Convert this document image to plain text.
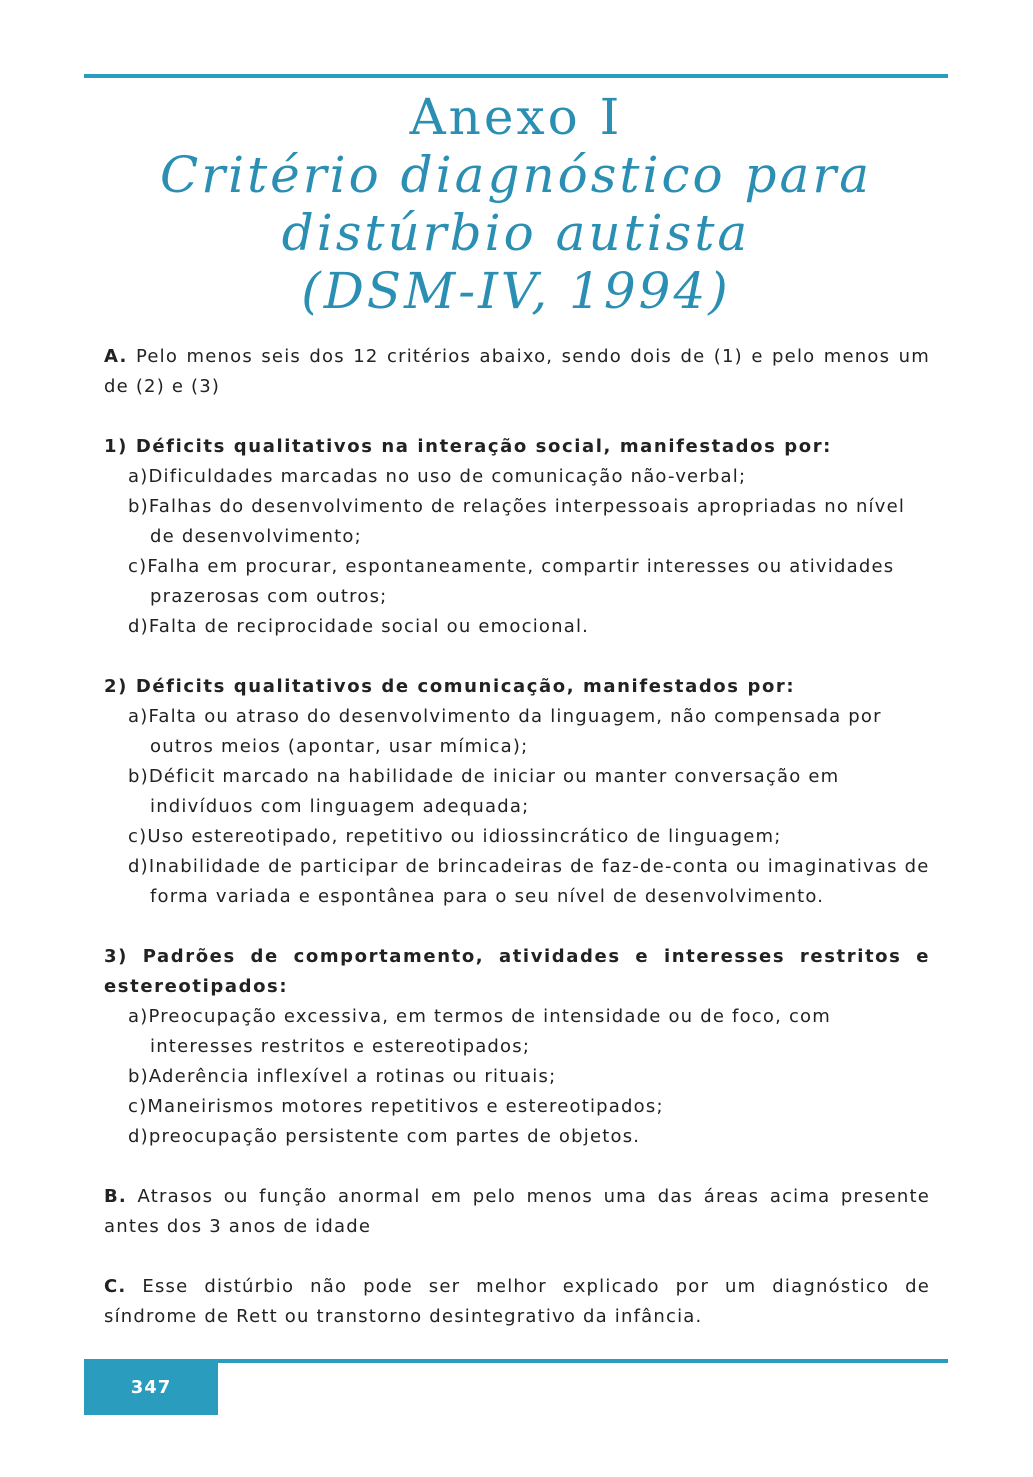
Anexo I
Critério diagnóstico para
distúrbio autista
(DSM-IV, 1994)

A. Pelo menos seis dos 12 critérios abaixo, sendo dois de (1) e pelo menos um de (2) e (3)

1) Déficits qualitativos na interação social, manifestados por:

a)Dificuldades marcadas no uso de comunicação não-verbal;

b)Falhas do desenvolvimento de relações interpessoais apropriadas no nível de desenvolvimento;

c)Falha em procurar, espontaneamente, compartir interesses ou atividades prazerosas com outros;

d)Falta de reciprocidade social ou emocional.

2) Déficits qualitativos de comunicação, manifestados por:

a)Falta ou atraso do desenvolvimento da linguagem, não compensada por outros meios (apontar, usar mímica);

b)Déficit marcado na habilidade de iniciar ou manter conversação em indivíduos com linguagem adequada;

c)Uso estereotipado, repetitivo ou idiossincrático de linguagem;

d)Inabilidade de participar de brincadeiras de faz-de-conta ou imaginativas de forma variada e espontânea para o seu nível de desenvolvimento.

3) Padrões de comportamento, atividades e interesses restritos e estereotipados:

a)Preocupação excessiva, em termos de intensidade ou de foco, com interesses restritos e estereotipados;

b)Aderência inflexível a rotinas ou rituais;

c)Maneirismos motores repetitivos e estereotipados;

d)preocupação persistente com partes de objetos.

B. Atrasos ou função anormal em pelo menos uma das áreas acima presente antes dos 3 anos de idade

C. Esse distúrbio não pode ser melhor explicado por um diagnóstico de síndrome de Rett ou transtorno desintegrativo da infância.

347
